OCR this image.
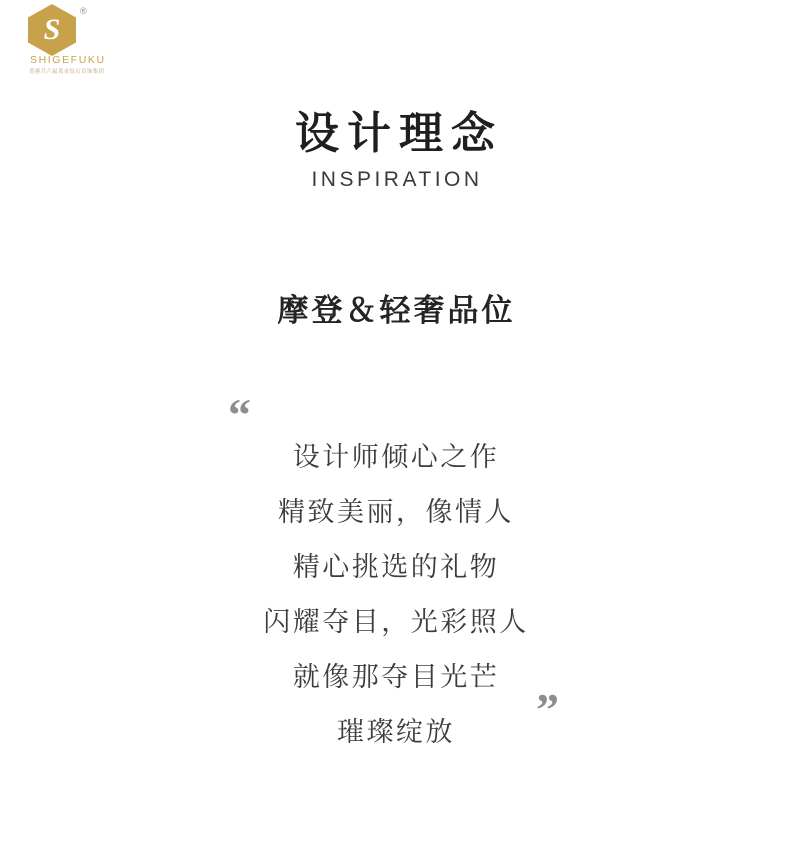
S
®
SHIGEFUKU
香港共六福黄金钻石首饰集团
设计理念
INSPIRATION
摩登＆轻奢品位
“
设计师倾心之作
精致美丽，像情人
精心挑选的礼物
闪耀夺目，光彩照人
就像那夺目光芒
璀璨绽放	”
